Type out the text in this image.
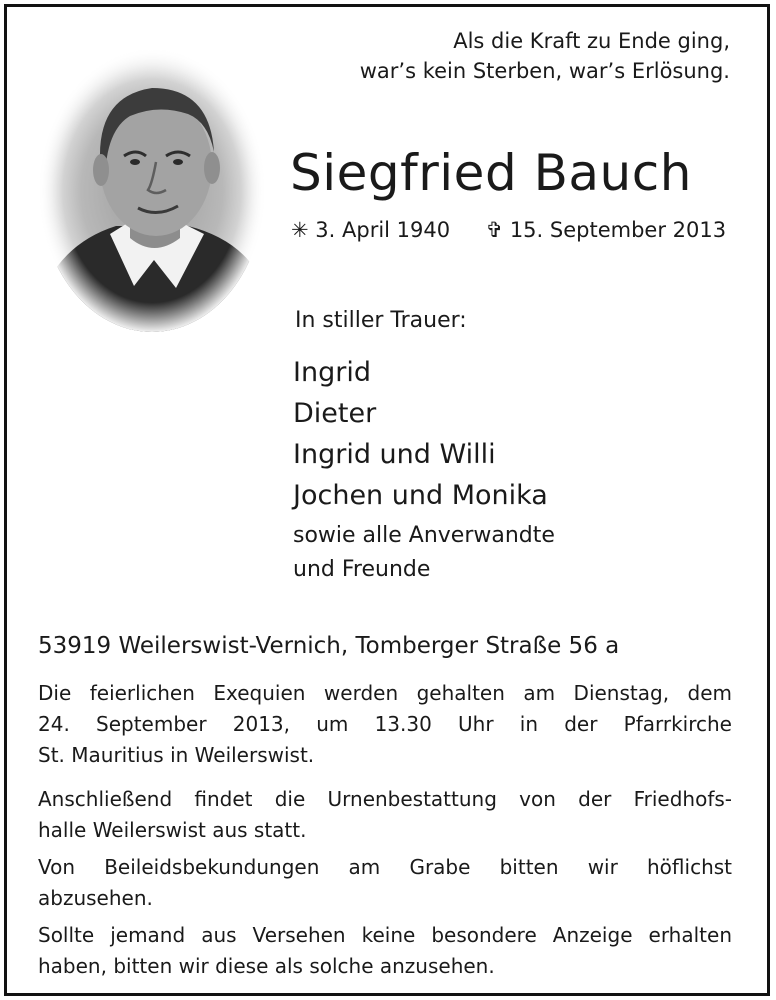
Als die Kraft zu Ende ging,
war’s kein Sterben, war’s Erlösung.
Siegfried Bauch
✳ 3. April 1940 ✞ 15. September 2013
In stiller Trauer:
Ingrid
Dieter
Ingrid und Willi
Jochen und Monika
sowie alle Anverwandte
und Freunde
53919 Weilerswist-Vernich, Tomberger Straße 56 a
Die feierlichen Exequien werden gehalten am Dienstag, dem
24. September 2013, um 13.30 Uhr in der Pfarrkirche
St. Mauritius in Weilerswist.
Anschließend findet die Urnenbestattung von der Friedhofs-
halle Weilerswist aus statt.
Von Beileidsbekundungen am Grabe bitten wir höflichst
abzusehen.
Sollte jemand aus Versehen keine besondere Anzeige erhalten
haben, bitten wir diese als solche anzusehen.
